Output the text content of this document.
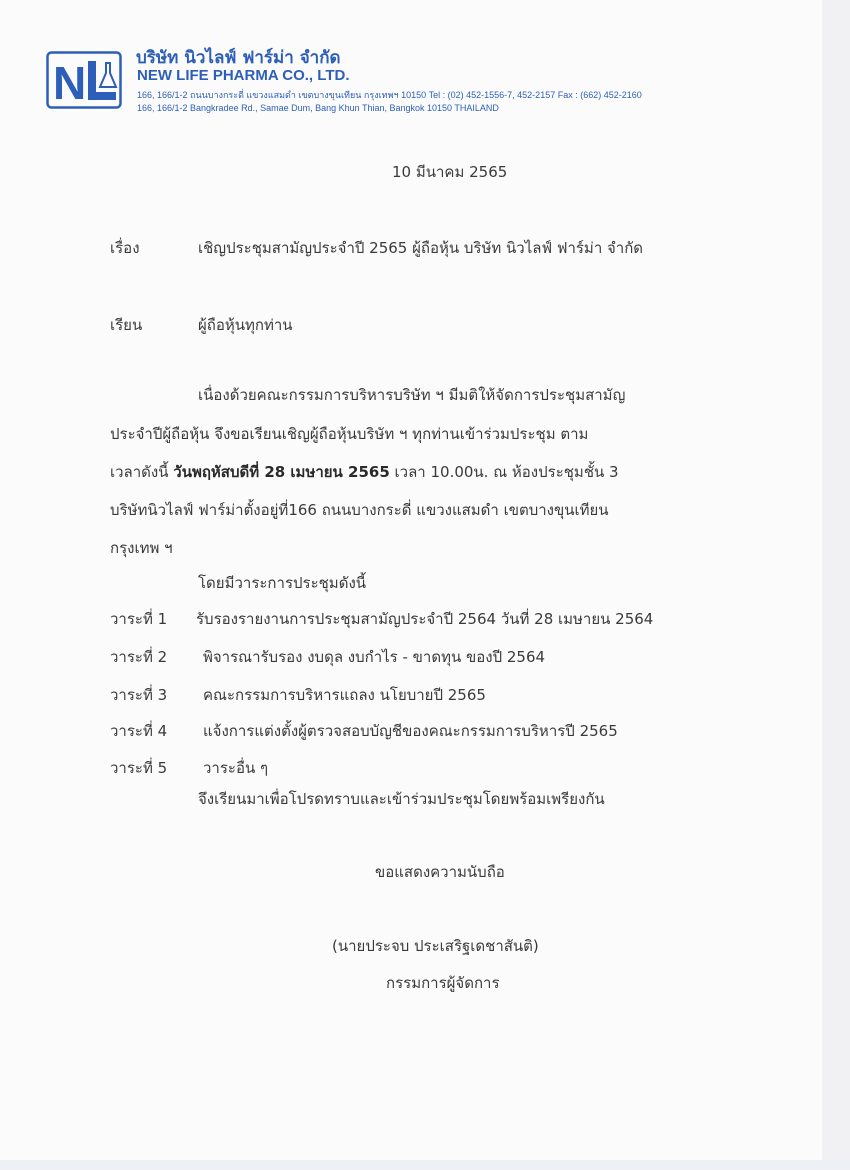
N	บริษัท นิวไลฟ์ ฟาร์ม่า จำกัด
NEW LIFE PHARMA CO., LTD.
166, 166/1-2 ถนนบางกระดี่ แขวงแสมดำ เขตบางขุนเทียน กรุงเทพฯ 10150 Tel : (02) 452-1556-7, 452-2157 Fax : (662) 452-2160
166, 166/1-2 Bangkradee Rd., Samae Dum, Bang Khun Thian, Bangkok 10150 THAILAND
10 มีนาคม 2565
เรื่อง	เชิญประชุมสามัญประจำปี 2565 ผู้ถือหุ้น บริษัท นิวไลฟ์ ฟาร์ม่า จำกัด
เรียน	ผู้ถือหุ้นทุกท่าน
เนื่องด้วยคณะกรรมการบริหารบริษัท ฯ มีมติให้จัดการประชุมสามัญ
ประจำปีผู้ถือหุ้น จึงขอเรียนเชิญผู้ถือหุ้นบริษัท ฯ ทุกท่านเข้าร่วมประชุม ตาม
เวลาดังนี้ วันพฤหัสบดีที่ 28 เมษายน 2565 เวลา 10.00น. ณ ห้องประชุมชั้น 3
บริษัทนิวไลฟ์ ฟาร์ม่าตั้งอยู่ที่166 ถนนบางกระดี่ แขวงแสมดำ เขตบางขุนเทียน
กรุงเทพ ฯ
โดยมีวาระการประชุมดังนี้
วาระที่ 1 รับรองรายงานการประชุมสามัญประจำปี 2564 วันที่ 28 เมษายน 2564
วาระที่ 2 พิจารณารับรอง งบดุล งบกำไร - ขาดทุน ของปี 2564
วาระที่ 3 คณะกรรมการบริหารแถลง นโยบายปี 2565
วาระที่ 4 แจ้งการแต่งตั้งผู้ตรวจสอบบัญชีของคณะกรรมการบริหารปี 2565
วาระที่ 5 วาระอื่น ๆ
จึงเรียนมาเพื่อโปรดทราบและเข้าร่วมประชุมโดยพร้อมเพรียงกัน
ขอแสดงความนับถือ
(นายประจบ ประเสริฐเดชาสันติ)
กรรมการผู้จัดการ
